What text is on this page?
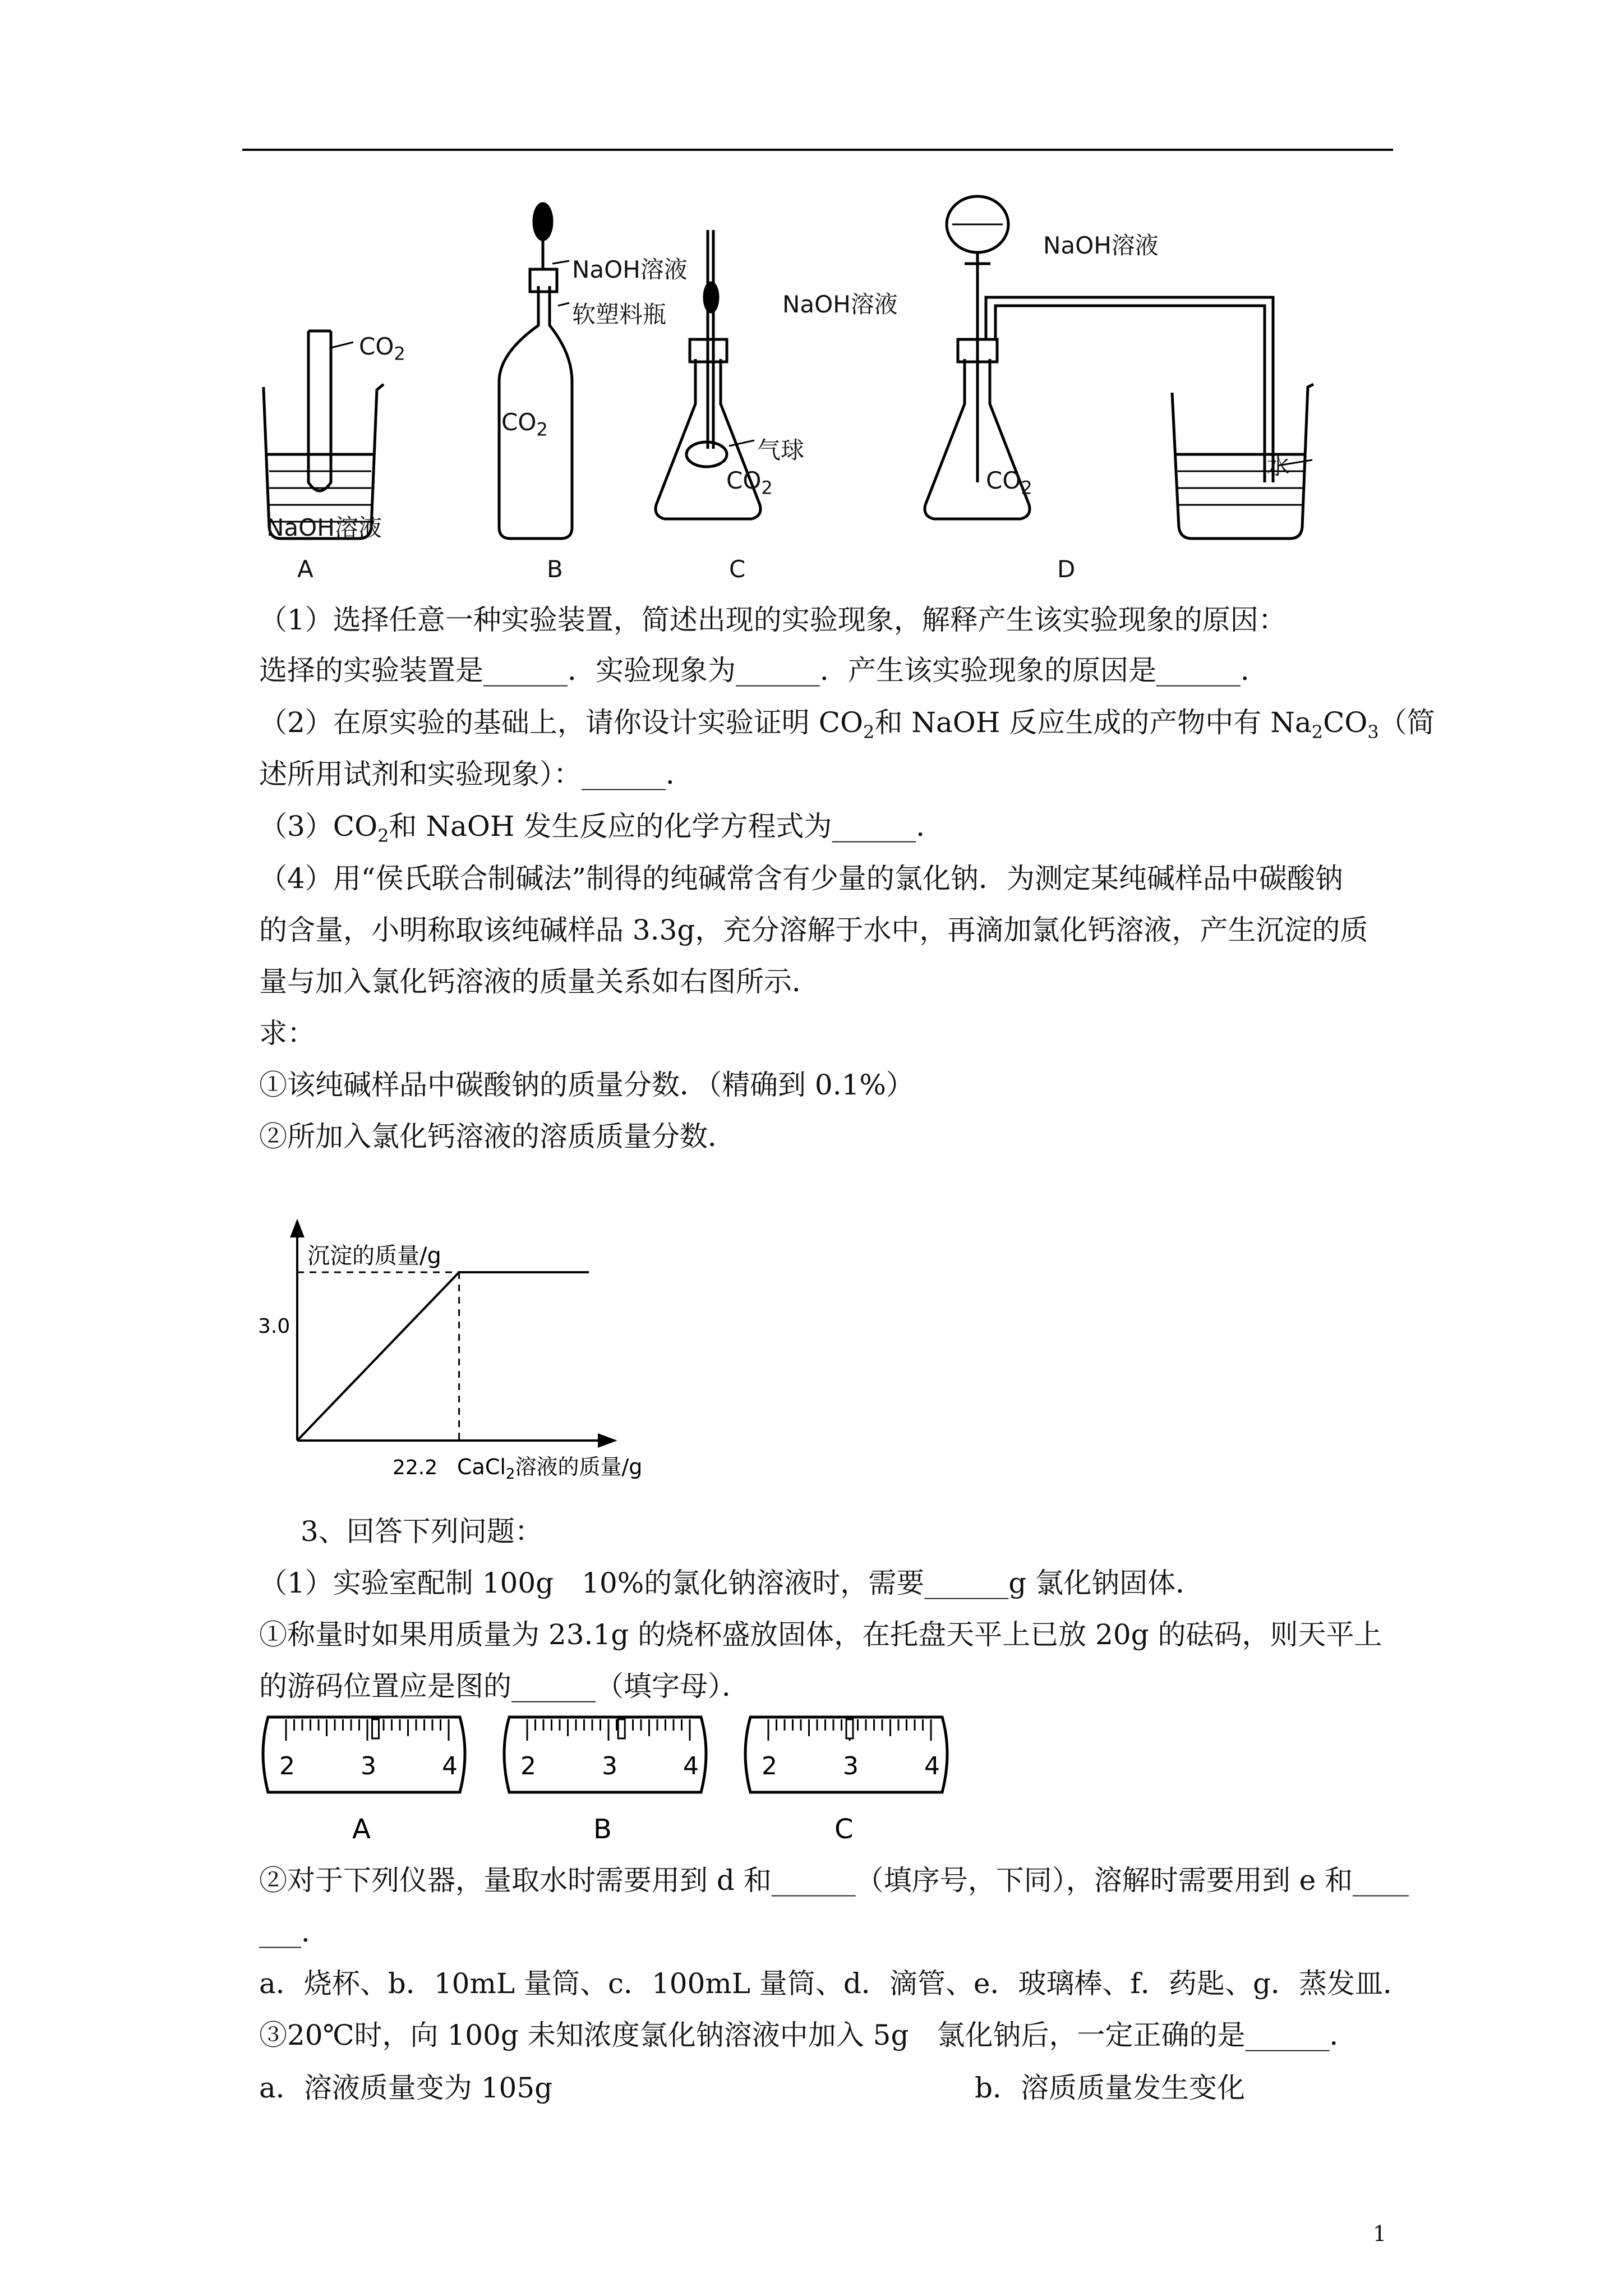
$CO_2$
NaOH溶液
NaOH溶液
软塑料瓶
$CO_2$
NaOH溶液
气球
$CO_2$
NaOH溶液
$CO_2$
水
A	B	C	D
（1）选择任意一种实验装置，简述出现的实验现象，解释产生该实验现象的原因：
选择的实验装置是______．实验现象为______．产生该实验现象的原因是______．
（2）在原实验的基础上，请你设计实验证明 $CO_2$和 NaOH 反应生成的产物中有 $Na_2CO_3$（简
述所用试剂和实验现象）：______．
$(3)CO_2$和 NaOH 发生反应的化学方程式为______．
（4）用“侯氏联合制碱法”制得的纯碱常含有少量的氯化钠．为测定某纯碱样品中碳酸钠
的含量，小明称取该纯碱样品 3.3g，充分溶解于水中，再滴加氯化钙溶液，产生沉淀的质
量与加入氯化钙溶液的质量关系如右图所示．
求：
①该纯碱样品中碳酸钠的质量分数．（精确到 0.1%）
②所加入氯化钙溶液的溶质质量分数．
沉淀的质量/g
3.0
22.2 CaCl$_2$溶液的质量/g
3、回答下列问题：
（1）实验室配制 100g　10%的氯化钠溶液时，需要______g 氯化钠固体．
①称量时如果用质量为 23.1g 的烧杯盛放固体，在托盘天平上已放 20g 的砝码，则天平上
的游码位置应是图的______（填字母）．
2	3	4
A
2	3	4
B
2	3	4
C
②对于下列仪器，量取水时需要用到 d 和______（填序号，下同），溶解时需要用到 e 和____
___．
a．烧杯、b．10mL 量筒、c．100mL 量筒、d．滴管、e．玻璃棒、f．药匙、g．蒸发皿．
③20℃时，向 100g 未知浓度氯化钠溶液中加入 5g　氯化钠后，一定正确的是______．
a．溶液质量变为 105g	b．溶质质量发生变化
1
